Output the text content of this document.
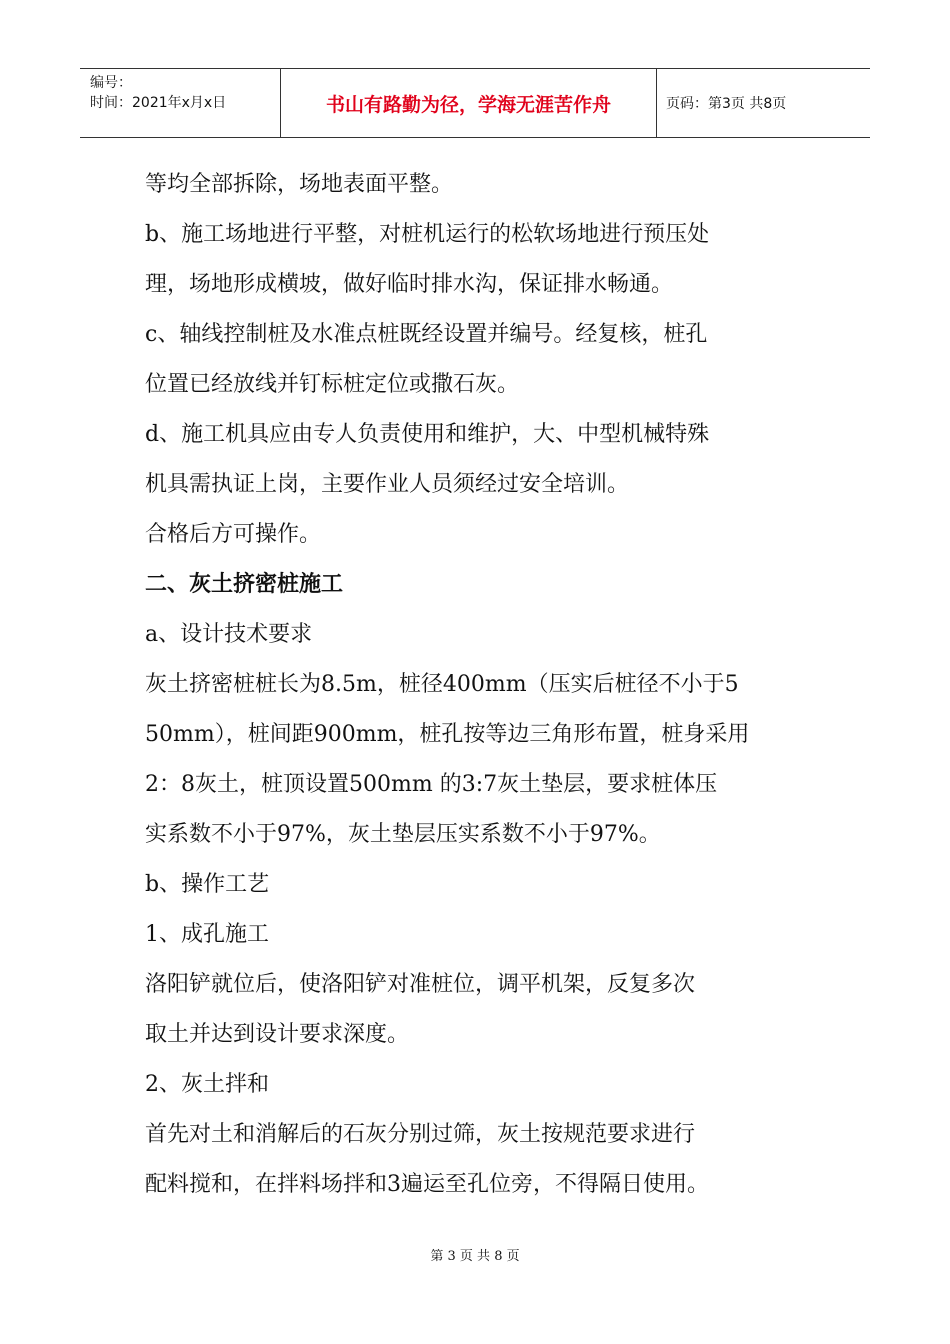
编号：
时间：2021年x月x日	书山有路勤为径，学海无涯苦作舟	页码：第3页 共8页
等均全部拆除，场地表面平整。
b、施工场地进行平整，对桩机运行的松软场地进行预压处
理，场地形成横坡，做好临时排水沟，保证排水畅通。
c、轴线控制桩及水准点桩既经设置并编号。经复核，桩孔
位置已经放线并钉标桩定位或撒石灰。
d、施工机具应由专人负责使用和维护，大、中型机械特殊
机具需执证上岗，主要作业人员须经过安全培训。
合格后方可操作。
二、灰土挤密桩施工
a、设计技术要求
灰土挤密桩桩长为8.5m，桩径400mm（压实后桩径不小于5
50mm），桩间距900mm，桩孔按等边三角形布置，桩身采用
2：8灰土，桩顶设置500mm 的3:7灰土垫层，要求桩体压
实系数不小于97%，灰土垫层压实系数不小于97%。
b、操作工艺
1、成孔施工
洛阳铲就位后，使洛阳铲对准桩位，调平机架，反复多次
取土并达到设计要求深度。
2、灰土拌和
首先对土和消解后的石灰分别过筛，灰土按规范要求进行
配料搅和，在拌料场拌和3遍运至孔位旁，不得隔日使用。
第 3 页 共 8 页
